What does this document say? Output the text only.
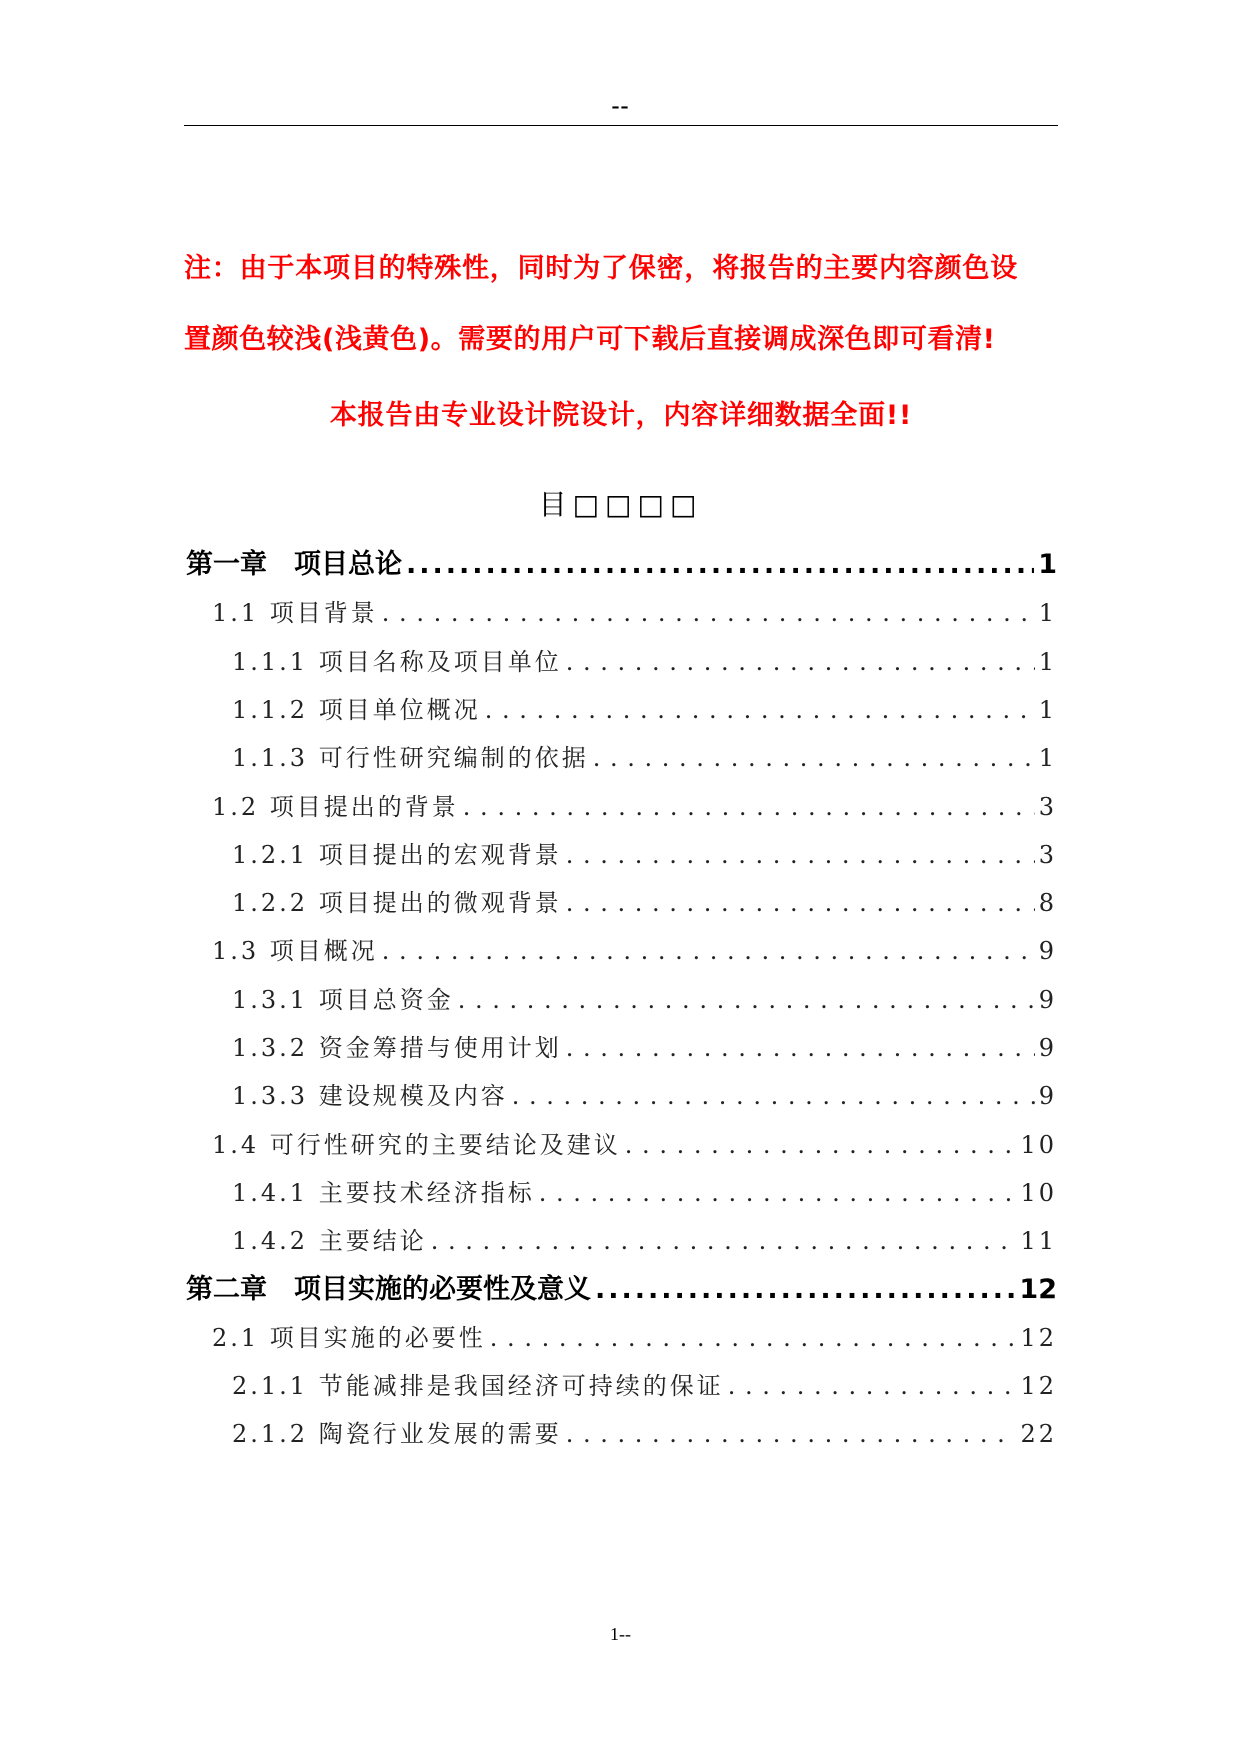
--
注：由于本项目的特殊性，同时为了保密，将报告的主要内容颜色设
置颜色较浅(浅黄色)。需要的用户可下载后直接调成深色即可看清!
本报告由专业设计院设计，内容详细数据全面!!
目□□□□
第一章　项目总论 .....	1
1.1 项目背景 . . .	1
1.1.1 项目名称及项目单位 . . .	1
1.1.2 项目单位概况 . . .	1
1.1.3 可行性研究编制的依据 . . .	1
1.2 项目提出的背景 . . .	3
1.2.1 项目提出的宏观背景 . . .	3
1.2.2 项目提出的微观背景 . . .	8
1.3 项目概况 . . .	9
1.3.1 项目总资金 . . .	9
1.3.2 资金筹措与使用计划 . . .	9
1.3.3 建设规模及内容 . . .	9
1.4 可行性研究的主要结论及建议 . . .	10
1.4.1 主要技术经济指标 . . .	10
1.4.2 主要结论 . . .	11
第二章　项目实施的必要性及意义 .....	12
2.1 项目实施的必要性 . . .	12
2.1.1 节能减排是我国经济可持续的保证 . . .	12
2.1.2 陶瓷行业发展的需要 . . .	22
1--
